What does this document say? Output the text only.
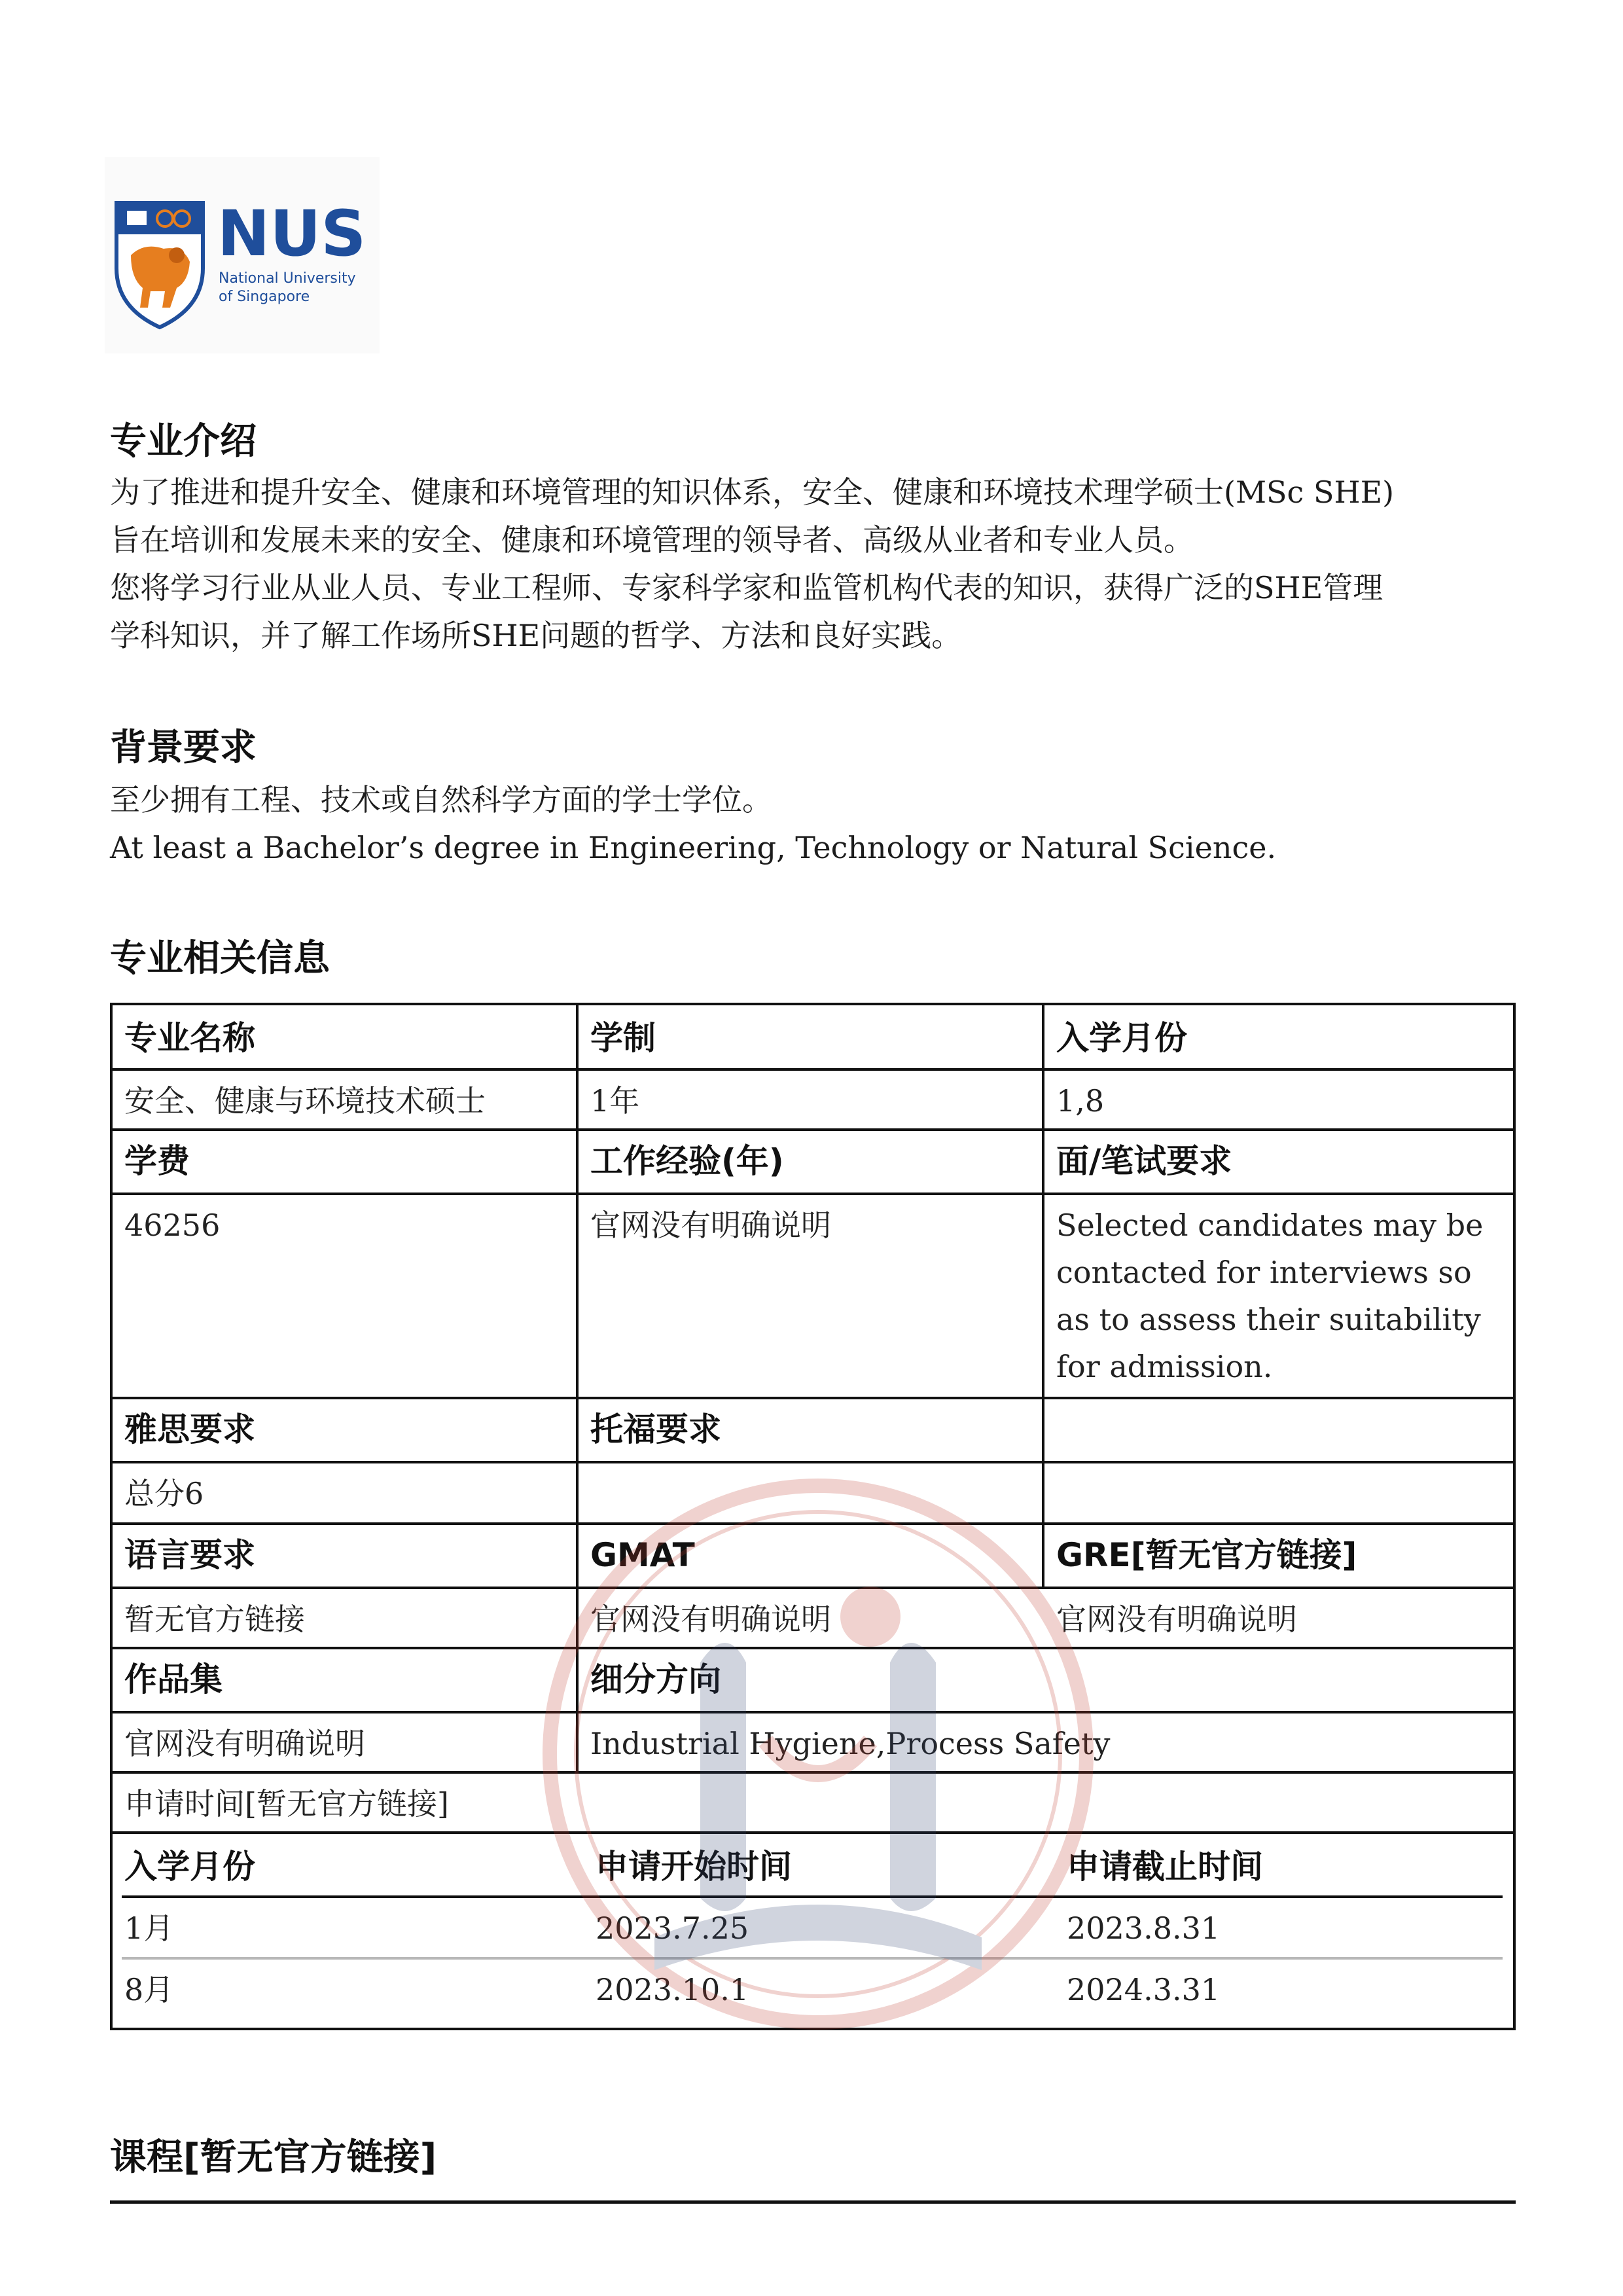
NUS
National University
of Singapore
专业介绍

为了推进和提升安全、健康和环境管理的知识体系，安全、健康和环境技术理学硕士(MSc SHE)

旨在培训和发展未来的安全、健康和环境管理的领导者、高级从业者和专业人员。

您将学习行业从业人员、专业工程师、专家科学家和监管机构代表的知识，获得广泛的SHE管理

学科知识，并了解工作场所SHE问题的哲学、方法和良好实践。

背景要求

至少拥有工程、技术或自然科学方面的学士学位。

At least a Bachelor’s degree in Engineering, Technology or Natural Science.

专业相关信息
专业名称	学制	入学月份
安全、健康与环境技术硕士	1年	1,8
学费	工作经验(年)	面/笔试要求
46256	官网没有明确说明	Selected candidates may be contacted for interviews so as to assess their suitability for admission.
雅思要求	托福要求
总分6
语言要求	GMAT	GRE[暂无官方链接]
暂无官方链接	官网没有明确说明	官网没有明确说明
作品集	细分方向
官网没有明确说明	Industrial Hygiene,Process Safety
申请时间[暂无官方链接]
入学月份	申请开始时间	申请截止时间
1月	2023.7.25	2023.8.31
8月	2023.10.1	2024.3.31
课程[暂无官方链接]
